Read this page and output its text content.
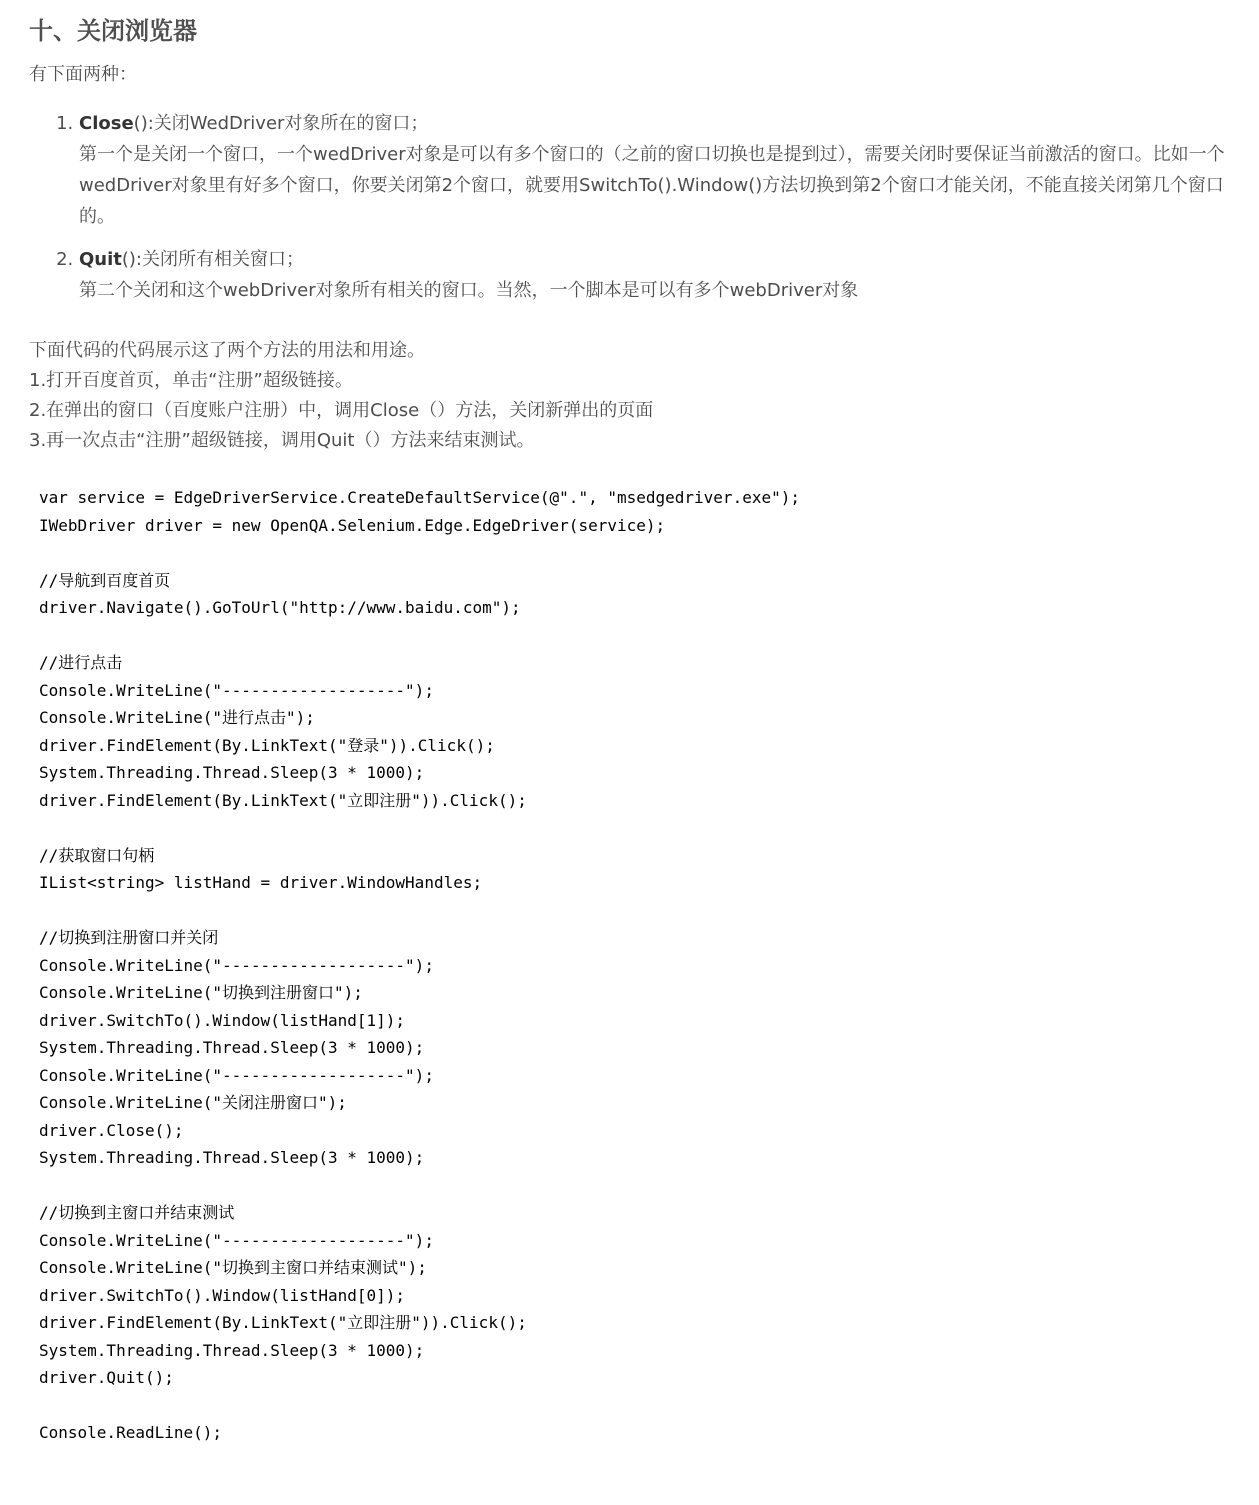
十、关闭浏览器

有下面两种：

1. Close():关闭WedDriver对象所在的窗口；
第一个是关闭一个窗口，一个wedDriver对象是可以有多个窗口的（之前的窗口切换也是提到过），需要关闭时要保证当前激活的窗口。比如一个wedDriver对象里有好多个窗口，你要关闭第2个窗口，就要用SwitchTo().Window()方法切换到第2个窗口才能关闭，不能直接关闭第几个窗口的。
2. Quit():关闭所有相关窗口；
第二个关闭和这个webDriver对象所有相关的窗口。当然，一个脚本是可以有多个webDriver对象

下面代码的代码展示这了两个方法的用法和用途。

1.打开百度首页，单击“注册”超级链接。

2.在弹出的窗口（百度账户注册）中，调用Close（）方法，关闭新弹出的页面

3.再一次点击“注册”超级链接，调用Quit（）方法来结束测试。

var service = EdgeDriverService.CreateDefaultService(@".", "msedgedriver.exe");
IWebDriver driver = new OpenQA.Selenium.Edge.EdgeDriver(service);
//导航到百度首页
driver.Navigate().GoToUrl("http://www.baidu.com");
//进行点击
Console.WriteLine("-------------------");
Console.WriteLine("进行点击");
driver.FindElement(By.LinkText("登录")).Click();
System.Threading.Thread.Sleep(3 * 1000);
driver.FindElement(By.LinkText("立即注册")).Click();
//获取窗口句柄
IList<string> listHand = driver.WindowHandles;
//切换到注册窗口并关闭
Console.WriteLine("-------------------");
Console.WriteLine("切换到注册窗口");
driver.SwitchTo().Window(listHand[1]);
System.Threading.Thread.Sleep(3 * 1000);
Console.WriteLine("-------------------");
Console.WriteLine("关闭注册窗口");
driver.Close();
System.Threading.Thread.Sleep(3 * 1000);
//切换到主窗口并结束测试
Console.WriteLine("-------------------");
Console.WriteLine("切换到主窗口并结束测试");
driver.SwitchTo().Window(listHand[0]);
driver.FindElement(By.LinkText("立即注册")).Click();
System.Threading.Thread.Sleep(3 * 1000);
driver.Quit();
Console.ReadLine();
